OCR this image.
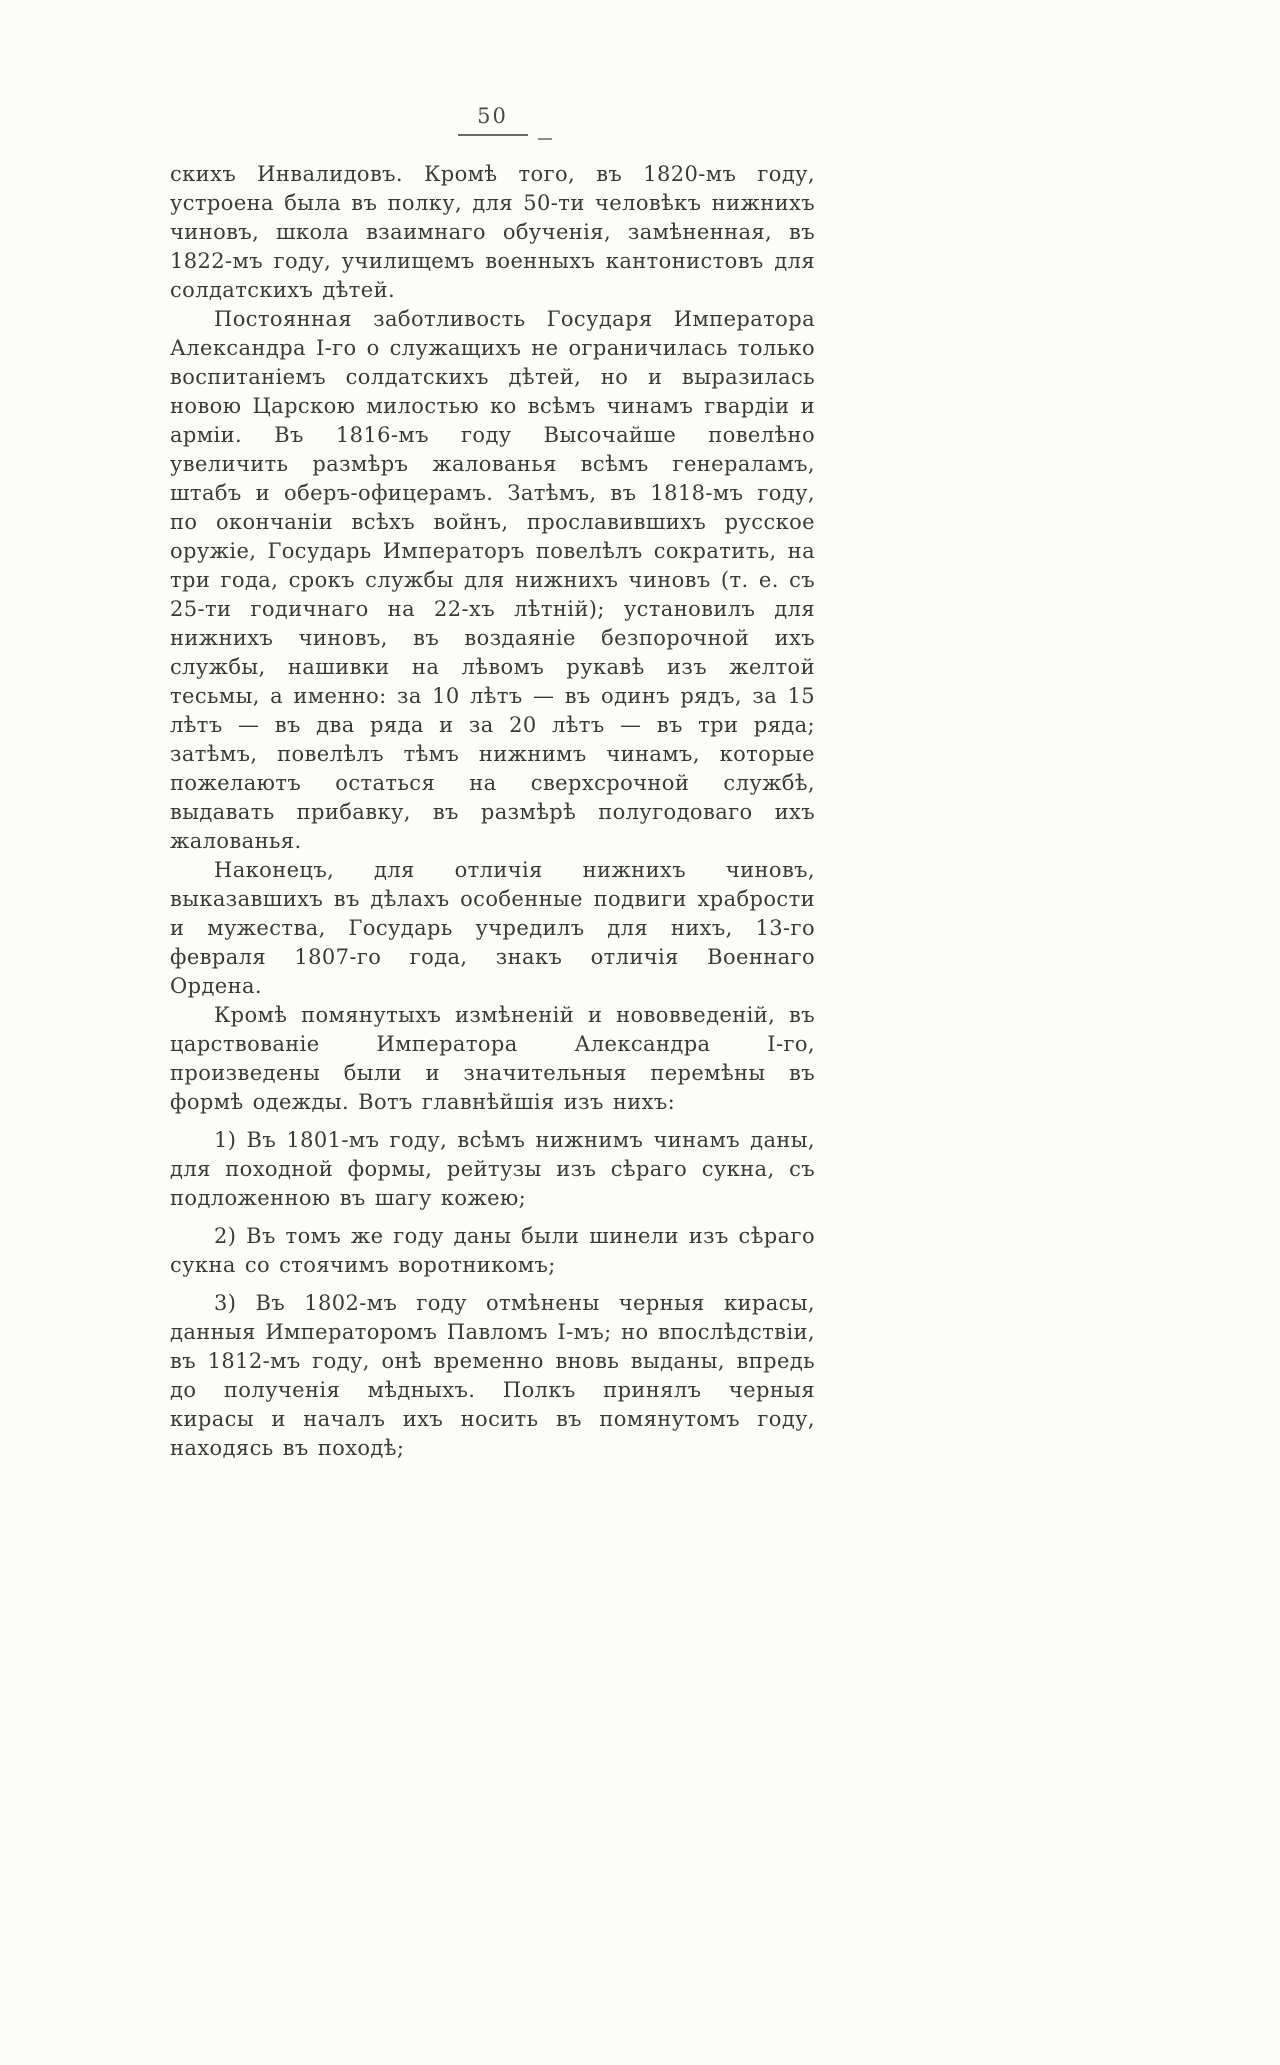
50

скихъ Инвалидовъ. Кромѣ того, въ 1820-мъ году, устроена была въ полку, для 50-ти человѣкъ нижнихъ чиновъ, школа взаимнаго обученія, замѣненная, въ 1822-мъ году, училищемъ военныхъ кантонистовъ для солдатскихъ дѣтей.

Постоянная заботливость Государя Императора Александра I-го о служащихъ не ограничилась только воспитаніемъ солдатскихъ дѣтей, но и выразилась новою Царскою милостью ко всѣмъ чинамъ гвардіи и арміи. Въ 1816-мъ году Высочайше повелѣно увеличить размѣръ жалованья всѣмъ генераламъ, штабъ и оберъ-офицерамъ. Затѣмъ, въ 1818-мъ году, по окончаніи всѣхъ войнъ, прославившихъ русское оружіе, Государь Императоръ повелѣлъ сократить, на три года, срокъ службы для нижнихъ чиновъ (т. е. съ 25-ти годичнаго на 22-хъ лѣтній); установилъ для нижнихъ чиновъ, въ воздаяніе безпорочной ихъ службы, нашивки на лѣвомъ рукавѣ изъ желтой тесьмы, а именно: за 10 лѣтъ — въ одинъ рядъ, за 15 лѣтъ — въ два ряда и за 20 лѣтъ — въ три ряда; затѣмъ, повелѣлъ тѣмъ нижнимъ чинамъ, которые пожелаютъ остаться на сверхсрочной службѣ, выдавать прибавку, въ размѣрѣ полугодоваго ихъ жалованья.

Наконецъ, для отличія нижнихъ чиновъ, выказавшихъ въ дѣлахъ особенные подвиги храбрости и мужества, Государь учредилъ для нихъ, 13-го февраля 1807-го года, знакъ отличія Военнаго Ордена.

Кромѣ помянутыхъ измѣненій и нововведеній, въ царствованіе Императора Александра I-го, произведены были и значительныя перемѣны въ формѣ одежды. Вотъ главнѣйшія изъ нихъ:

1) Въ 1801-мъ году, всѣмъ нижнимъ чинамъ даны, для походной формы, рейтузы изъ сѣраго сукна, съ подложенною въ шагу кожею;

2) Въ томъ же году даны были шинели изъ сѣраго сукна со стоячимъ воротникомъ;

3) Въ 1802-мъ году отмѣнены черныя кирасы, данныя Императоромъ Павломъ I-мъ; но впослѣдствіи, въ 1812-мъ году, онѣ временно вновь выданы, впредь до полученія мѣдныхъ. Полкъ принялъ черныя кирасы и началъ ихъ носить въ помянутомъ году, находясь въ походѣ;
